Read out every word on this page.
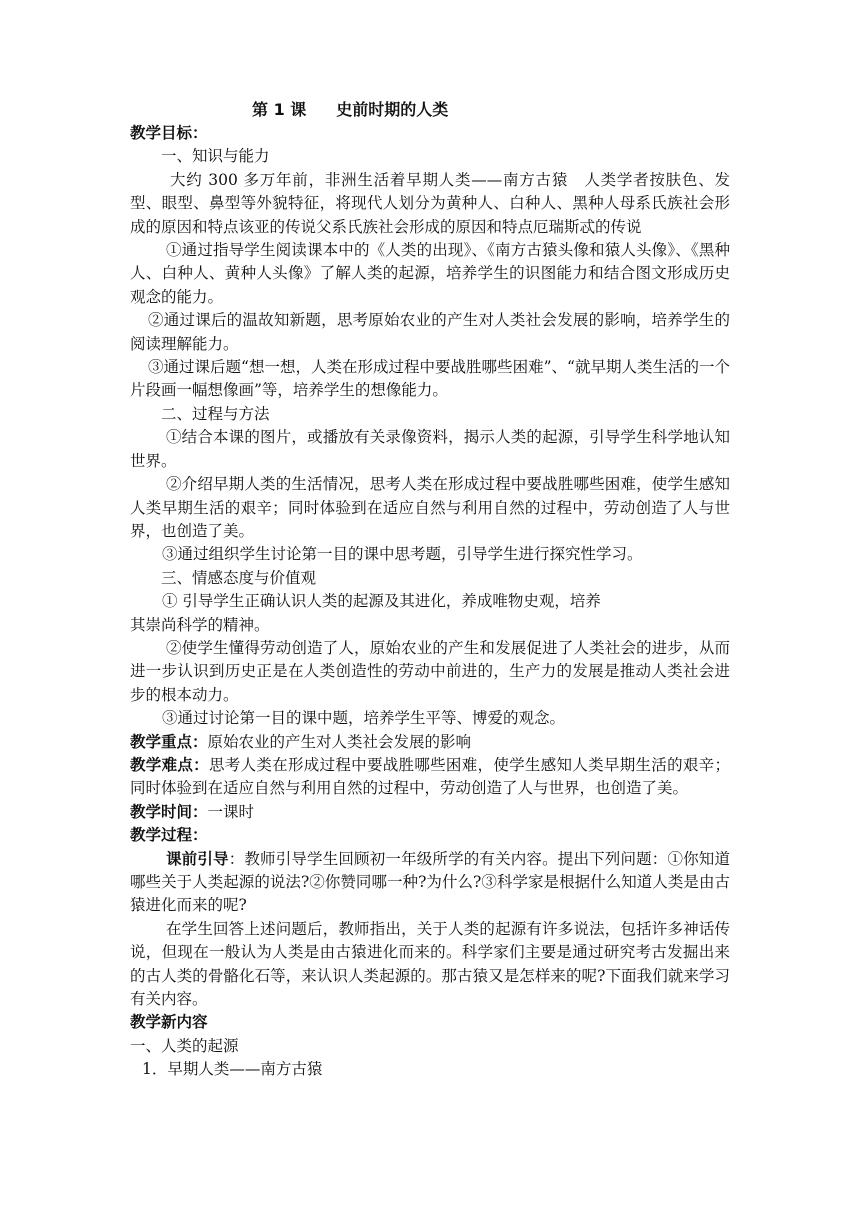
第 1 课 史前时期的人类

教学目标：

一、知识与能力

大约 300 多万年前，非洲生活着早期人类——南方古猿　人类学者按肤色、发型、眼型、鼻型等外貌特征，将现代人划分为黄种人、白种人、黑种人母系氏族社会形成的原因和特点该亚的传说父系氏族社会形成的原因和特点厄瑞斯忒的传说

①通过指导学生阅读课本中的《人类的出现》、《南方古猿头像和猿人头像》、《黑种人、白种人、黄种人头像》了解人类的起源，培养学生的识图能力和结合图文形成历史观念的能力。

②通过课后的温故知新题，思考原始农业的产生对人类社会发展的影响，培养学生的阅读理解能力。

③通过课后题“想一想，人类在形成过程中要战胜哪些困难”、“就早期人类生活的一个片段画一幅想像画”等，培养学生的想像能力。

二、过程与方法

①结合本课的图片，或播放有关录像资料，揭示人类的起源，引导学生科学地认知世界。

②介绍早期人类的生活情况，思考人类在形成过程中要战胜哪些困难，使学生感知人类早期生活的艰辛；同时体验到在适应自然与利用自然的过程中，劳动创造了人与世界，也创造了美。

③通过组织学生讨论第一目的课中思考题，引导学生进行探究性学习。

三、情感态度与价值观

① 引导学生正确认识人类的起源及其进化，养成唯物史观，培养

其崇尚科学的精神。

②使学生懂得劳动创造了人，原始农业的产生和发展促进了人类社会的进步，从而进一步认识到历史正是在人类创造性的劳动中前进的，生产力的发展是推动人类社会进步的根本动力。

③通过讨论第一目的课中题，培养学生平等、博爱的观念。

教学重点：原始农业的产生对人类社会发展的影响

教学难点：思考人类在形成过程中要战胜哪些困难，使学生感知人类早期生活的艰辛；同时体验到在适应自然与利用自然的过程中，劳动创造了人与世界，也创造了美。

教学时间：一课时

教学过程：

课前引导：教师引导学生回顾初一年级所学的有关内容。提出下列问题：①你知道哪些关于人类起源的说法?②你赞同哪一种?为什么?③科学家是根据什么知道人类是由古猿进化而来的呢?

在学生回答上述问题后，教师指出，关于人类的起源有许多说法，包括许多神话传说，但现在一般认为人类是由古猿进化而来的。科学家们主要是通过研究考古发掘出来的古人类的骨骼化石等，来认识人类起源的。那古猿又是怎样来的呢?下面我们就来学习有关内容。

教学新内容

一、人类的起源

1．早期人类——南方古猿
